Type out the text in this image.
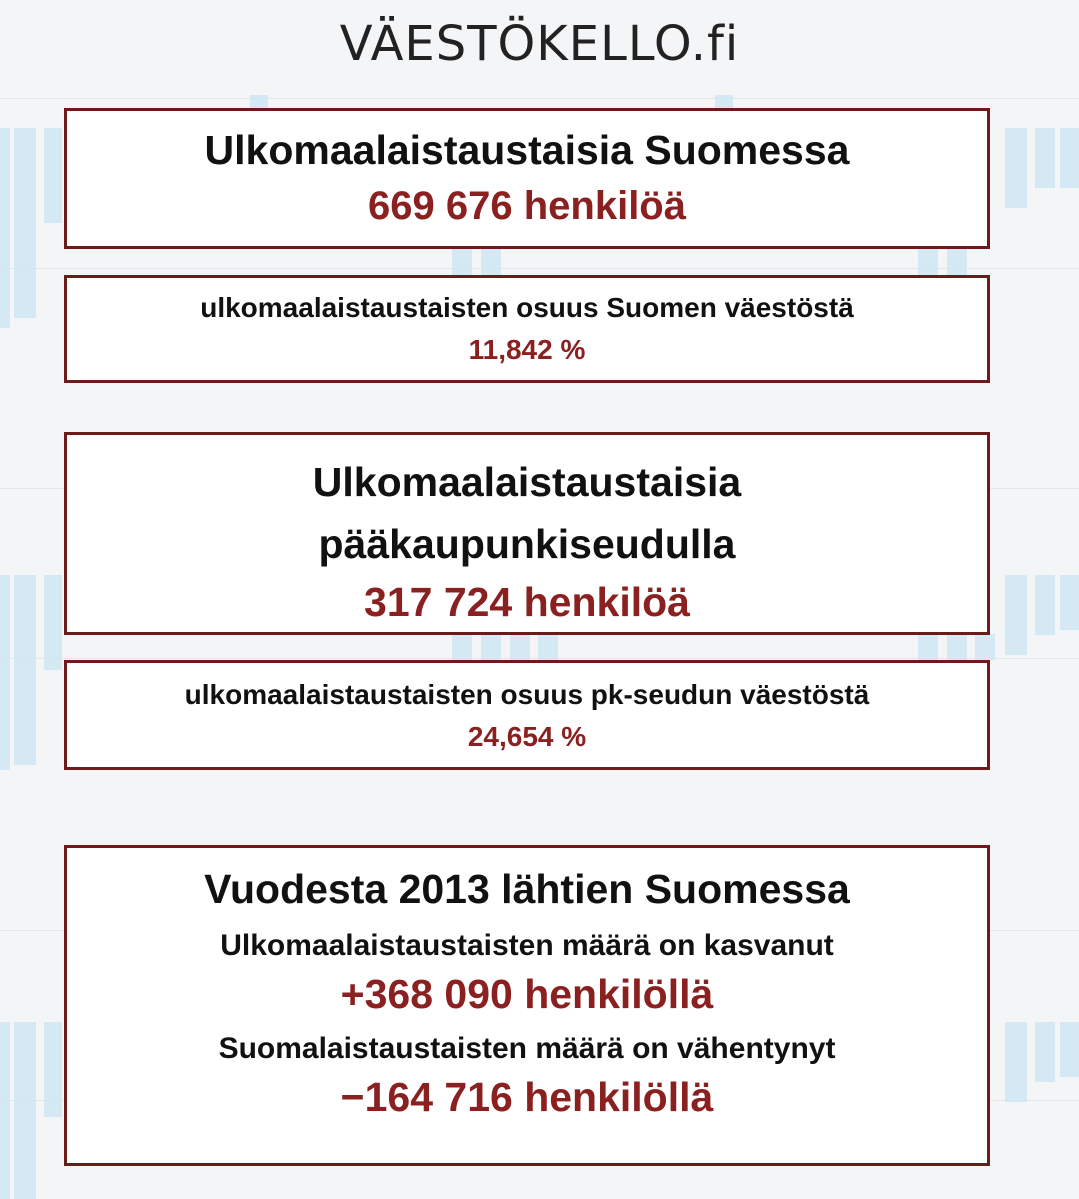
VÄESTÖKELLO.fi
Ulkomaalaistaustaisia Suomessa
669 676 henkilöä
ulkomaalaistaustaisten osuus Suomen väestöstä
11,842 %
Ulkomaalaistaustaisia
pääkaupunkiseudulla
317 724 henkilöä
ulkomaalaistaustaisten osuus pk-seudun väestöstä
24,654 %
Vuodesta 2013 lähtien Suomessa
Ulkomaalaistaustaisten määrä on kasvanut
+368 090 henkilöllä
Suomalaistaustaisten määrä on vähentynyt
−164 716 henkilöllä
